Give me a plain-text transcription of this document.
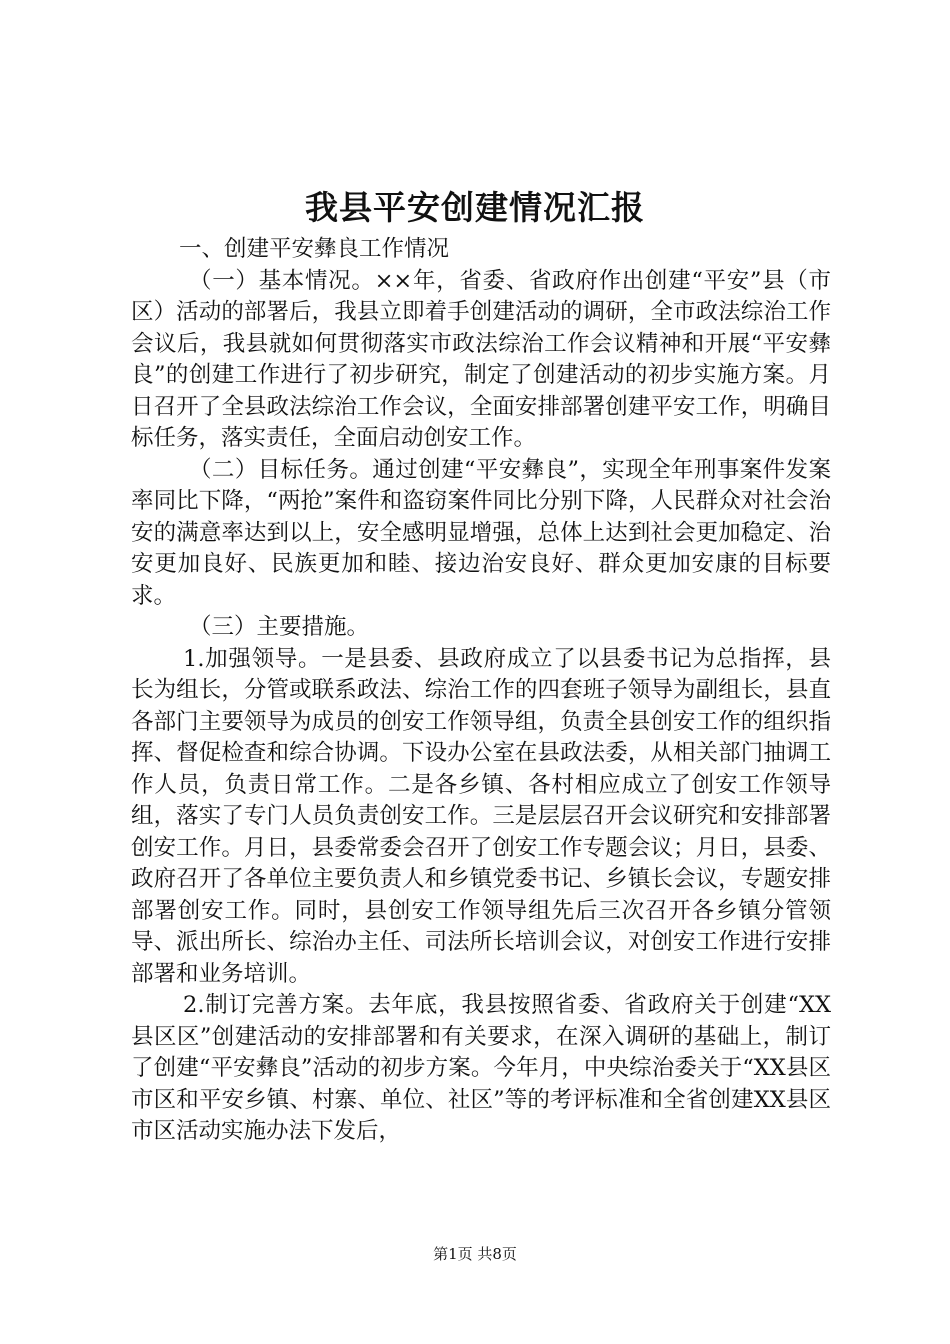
我县平安创建情况汇报

一、创建平安彝良工作情况

（一）基本情况。××年，省委、省政府作出创建“平安”县（市区）活动的部署后，我县立即着手创建活动的调研，全市政法综治工作会议后，我县就如何贯彻落实市政法综治工作会议精神和开展“平安彝良”的创建工作进行了初步研究，制定了创建活动的初步实施方案。月日召开了全县政法综治工作会议，全面安排部署创建平安工作，明确目标任务，落实责任，全面启动创安工作。

（二）目标任务。通过创建“平安彝良”，实现全年刑事案件发案率同比下降，“两抢”案件和盗窃案件同比分别下降，人民群众对社会治安的满意率达到以上，安全感明显增强，总体上达到社会更加稳定、治安更加良好、民族更加和睦、接边治安良好、群众更加安康的目标要求。

（三）主要措施。

1.加强领导。一是县委、县政府成立了以县委书记为总指挥，县长为组长，分管或联系政法、综治工作的四套班子领导为副组长，县直各部门主要领导为成员的创安工作领导组，负责全县创安工作的组织指挥、督促检查和综合协调。下设办公室在县政法委，从相关部门抽调工作人员，负责日常工作。二是各乡镇、各村相应成立了创安工作领导组，落实了专门人员负责创安工作。三是层层召开会议研究和安排部署创安工作。月日，县委常委会召开了创安工作专题会议；月日，县委、政府召开了各单位主要负责人和乡镇党委书记、乡镇长会议，专题安排部署创安工作。同时，县创安工作领导组先后三次召开各乡镇分管领导、派出所长、综治办主任、司法所长培训会议，对创安工作进行安排部署和业务培训。

2.制订完善方案。去年底，我县按照省委、省政府关于创建“XX县区区”创建活动的安排部署和有关要求，在深入调研的基础上，制订了创建“平安彝良”活动的初步方案。今年月，中央综治委关于“XX县区市区和平安乡镇、村寨、单位、社区”等的考评标准和全省创建XX县区市区活动实施办法下发后，

第1页 共8页
